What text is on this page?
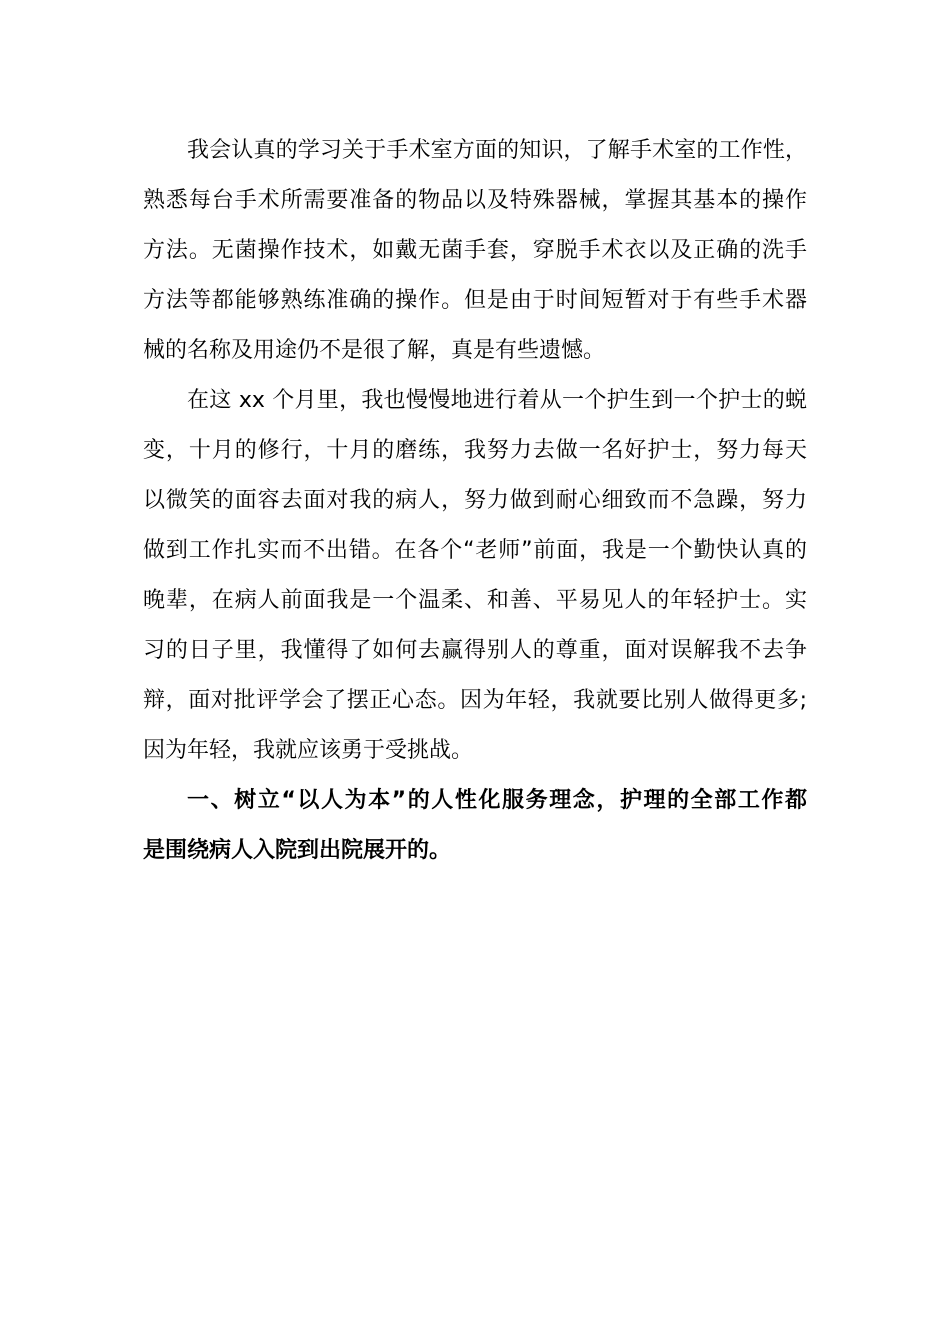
我会认真的学习关于手术室方面的知识，了解手术室的工作性，
熟悉每台手术所需要准备的物品以及特殊器械，掌握其基本的操作
方法。无菌操作技术，如戴无菌手套，穿脱手术衣以及正确的洗手
方法等都能够熟练准确的操作。但是由于时间短暂对于有些手术器
械的名称及用途仍不是很了解，真是有些遗憾。
在这 xx 个月里，我也慢慢地进行着从一个护生到一个护士的蜕
变，十月的修行，十月的磨练，我努力去做一名好护士，努力每天
以微笑的面容去面对我的病人，努力做到耐心细致而不急躁，努力
做到工作扎实而不出错。在各个“老师”前面，我是一个勤快认真的
晚辈，在病人前面我是一个温柔、和善、平易见人的年轻护士。实
习的日子里，我懂得了如何去赢得别人的尊重，面对误解我不去争
辩，面对批评学会了摆正心态。因为年轻，我就要比别人做得更多;
因为年轻，我就应该勇于受挑战。
一、树立“以人为本”的人性化服务理念，护理的全部工作都
是围绕病人入院到出院展开的。
